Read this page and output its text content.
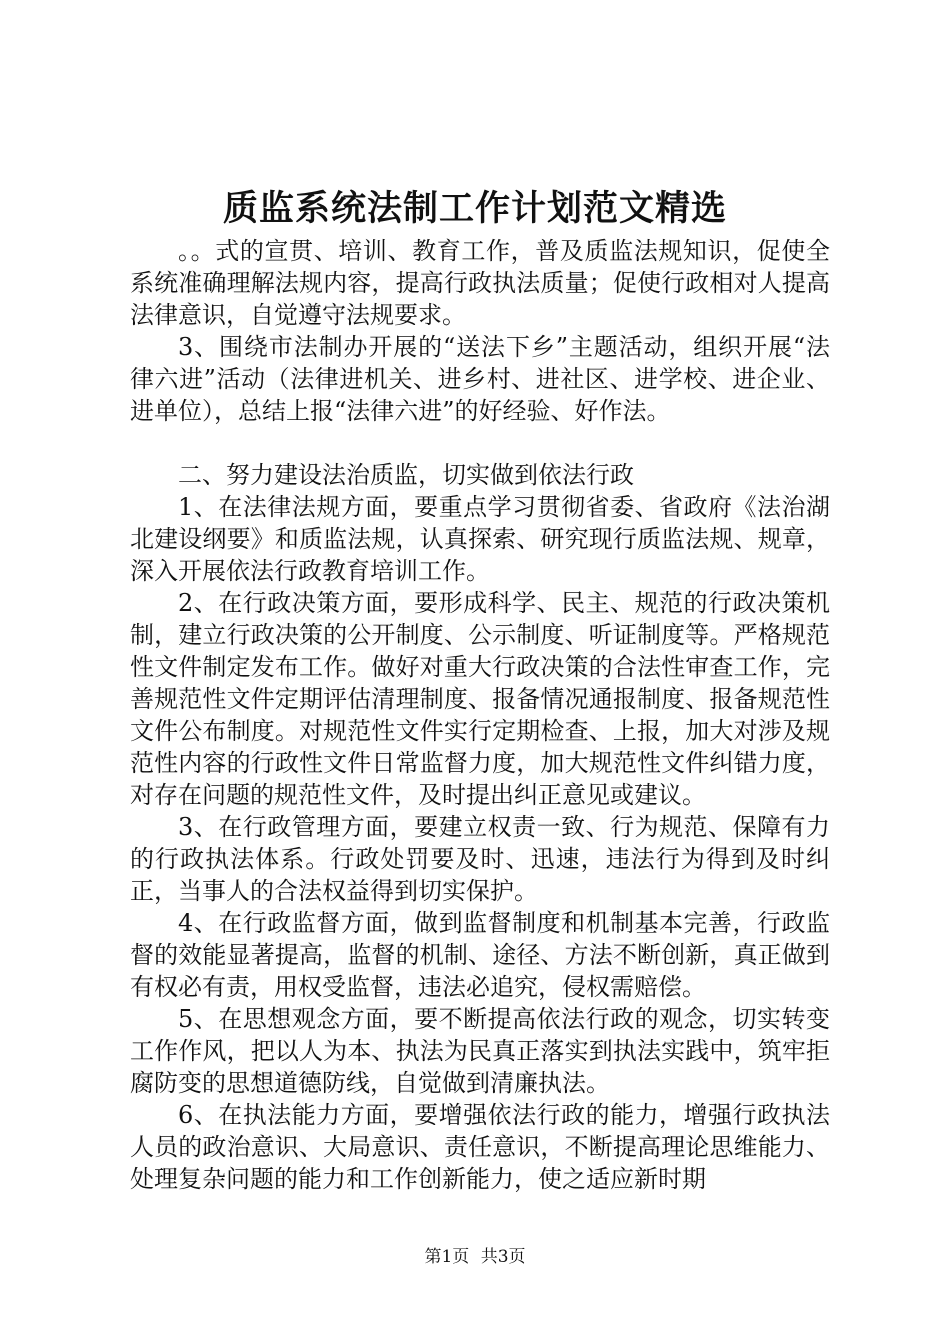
质监系统法制工作计划范文精选

。。式的宣贯、培训、教育工作，普及质监法规知识，促使全系统准确理解法规内容，提高行政执法质量；促使行政相对人提高法律意识，自觉遵守法规要求。

3、围绕市法制办开展的“送法下乡”主题活动，组织开展“法律六进”活动（法律进机关、进乡村、进社区、进学校、进企业、进单位），总结上报“法律六进”的好经验、好作法。

二、努力建设法治质监，切实做到依法行政

1、在法律法规方面，要重点学习贯彻省委、省政府《法治湖北建设纲要》和质监法规，认真探索、研究现行质监法规、规章，深入开展依法行政教育培训工作。

2、在行政决策方面，要形成科学、民主、规范的行政决策机制，建立行政决策的公开制度、公示制度、听证制度等。严格规范性文件制定发布工作。做好对重大行政决策的合法性审查工作，完善规范性文件定期评估清理制度、报备情况通报制度、报备规范性文件公布制度。对规范性文件实行定期检查、上报，加大对涉及规范性内容的行政性文件日常监督力度，加大规范性文件纠错力度，对存在问题的规范性文件，及时提出纠正意见或建议。

3、在行政管理方面，要建立权责一致、行为规范、保障有力的行政执法体系。行政处罚要及时、迅速，违法行为得到及时纠正，当事人的合法权益得到切实保护。

4、在行政监督方面，做到监督制度和机制基本完善，行政监督的效能显著提高，监督的机制、途径、方法不断创新，真正做到有权必有责，用权受监督，违法必追究，侵权需赔偿。

5、在思想观念方面，要不断提高依法行政的观念，切实转变工作作风，把以人为本、执法为民真正落实到执法实践中，筑牢拒腐防变的思想道德防线，自觉做到清廉执法。

6、在执法能力方面，要增强依法行政的能力，增强行政执法人员的政治意识、大局意识、责任意识，不断提高理论思维能力、处理复杂问题的能力和工作创新能力，使之适应新时期

第1页 共3页
